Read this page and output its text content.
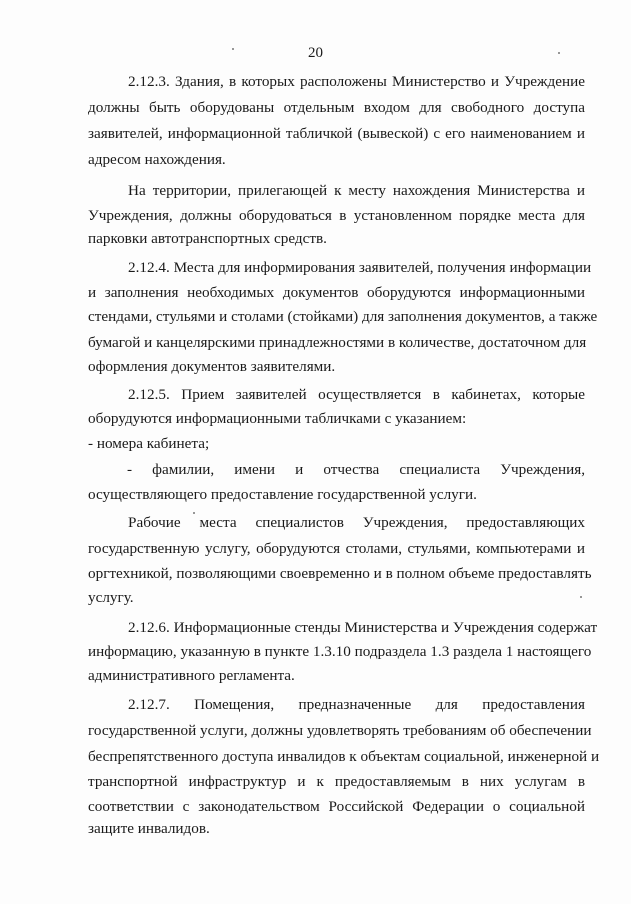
20
2.12.3. Здания, в которых расположены Министерство и Учреждение
должны быть оборудованы отдельным входом для свободного доступа
заявителей, информационной табличкой (вывеской) с его наименованием и
адресом нахождения.
На территории, прилегающей к месту нахождения Министерства и
Учреждения, должны оборудоваться в установленном порядке места для
парковки автотранспортных средств.
2.12.4. Места для информирования заявителей, получения информации
и заполнения необходимых документов оборудуются информационными
стендами, стульями и столами (стойками) для заполнения документов, а также
бумагой и канцелярскими принадлежностями в количестве, достаточном для
оформления документов заявителями.
2.12.5. Прием заявителей осуществляется в кабинетах, которые
оборудуются информационными табличками с указанием:
- номера кабинета;
- фамилии, имени и отчества специалиста Учреждения,
осуществляющего предоставление государственной услуги.
Рабочие места специалистов Учреждения, предоставляющих
государственную услугу, оборудуются столами, стульями, компьютерами и
оргтехникой, позволяющими своевременно и в полном объеме предоставлять
услугу.
2.12.6. Информационные стенды Министерства и Учреждения содержат
информацию, указанную в пункте 1.3.10 подраздела 1.3 раздела 1 настоящего
административного регламента.
2.12.7. Помещения, предназначенные для предоставления
государственной услуги, должны удовлетворять требованиям об обеспечении
беспрепятственного доступа инвалидов к объектам социальной, инженерной и
транспортной инфраструктур и к предоставляемым в них услугам в
соответствии с законодательством Российской Федерации о социальной
защите инвалидов.
